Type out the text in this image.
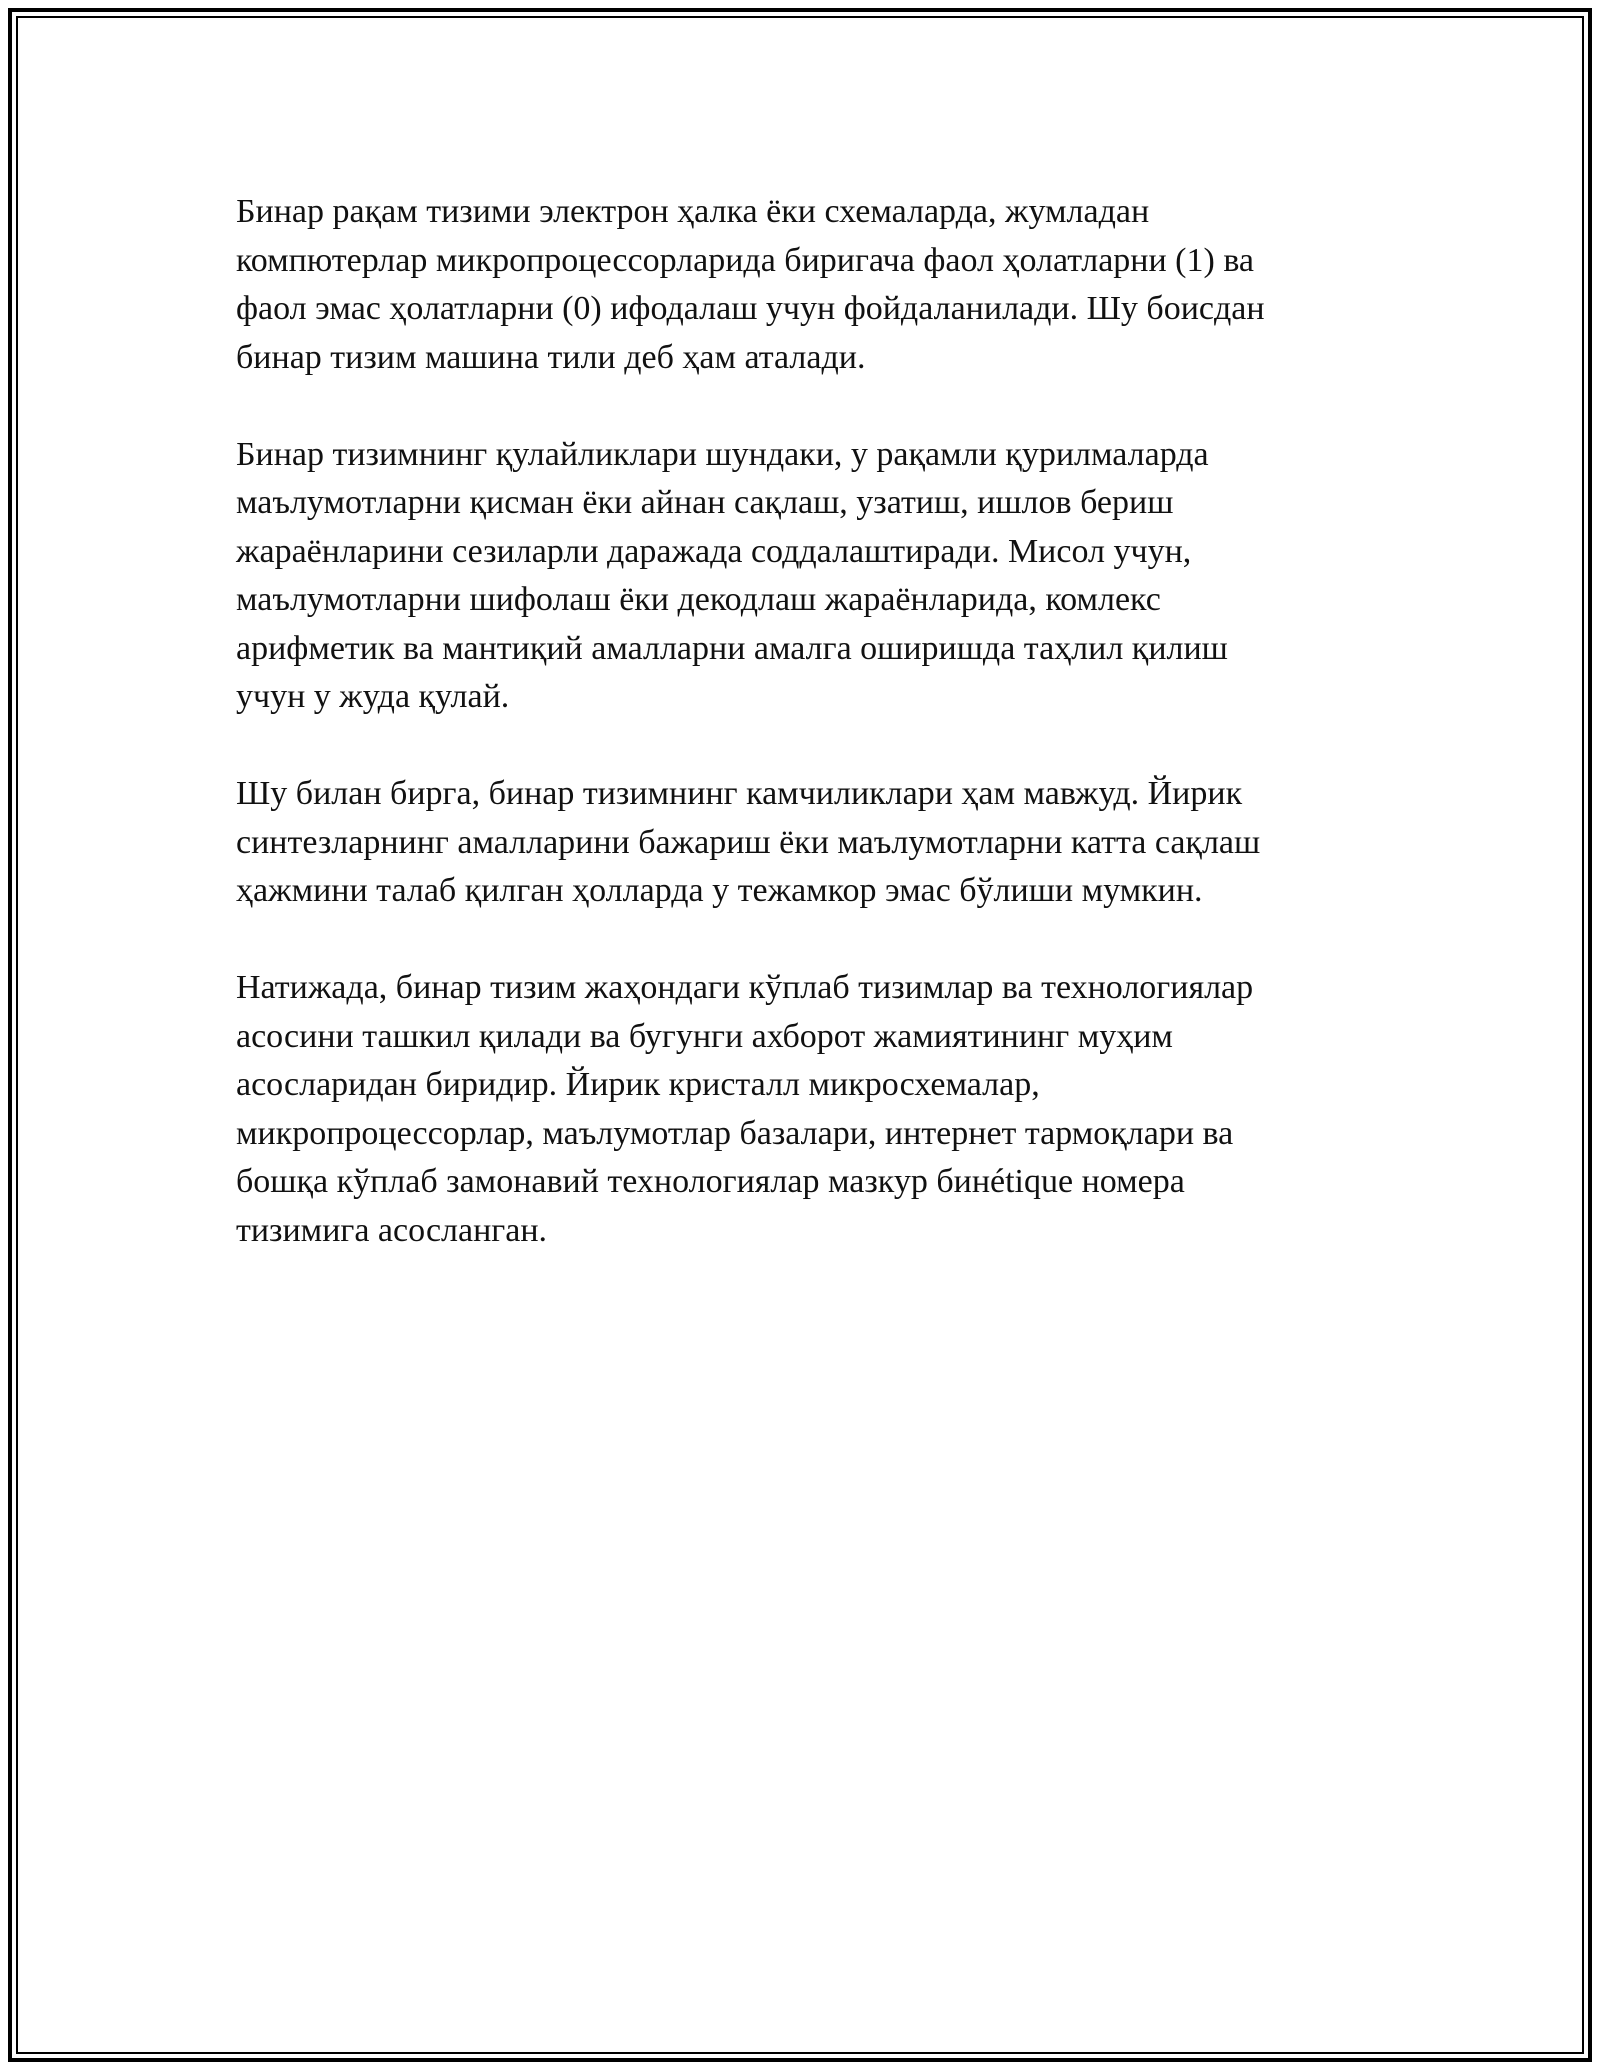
Бинар рақам тизими электрон ҳалка ёки схемаларда, жумладан
компютерлар микропроцессорларида биригача фаол ҳолатларни (1) ва
фаол эмас ҳолатларни (0) ифодалаш учун фойдаланилади. Шу боисдан
бинар тизим машина тили деб ҳам аталади.

Бинар тизимнинг қулайликлари шундаки, у рақамли қурилмаларда
маълумотларни қисман ёки айнан сақлаш, узатиш, ишлов бериш
жараёнларини сезиларли даражада соддалаштиради. Мисол учун,
маълумотларни шифолаш ёки декодлаш жараёнларида, комлекс
арифметик ва мантиқий амалларни амалга оширишда таҳлил қилиш
учун у жуда қулай.

Шу билан бирга, бинар тизимнинг камчиликлари ҳам мавжуд. Йирик
синтезларнинг амалларини бажариш ёки маълумотларни катта сақлаш
ҳажмини талаб қилган ҳолларда у тежамкор эмас бўлиши мумкин.

Натижада, бинар тизим жаҳондаги кўплаб тизимлар ва технологиялар
асосини ташкил қилади ва бугунги ахборот жамиятининг муҳим
асосларидан биридир. Йирик кристалл микросхемалар,
микропроцессорлар, маълумотлар базалари, интернет тармоқлари ва
бошқа кўплаб замонавий технологиялар мазкур бинétique номера
тизимига асосланган.
